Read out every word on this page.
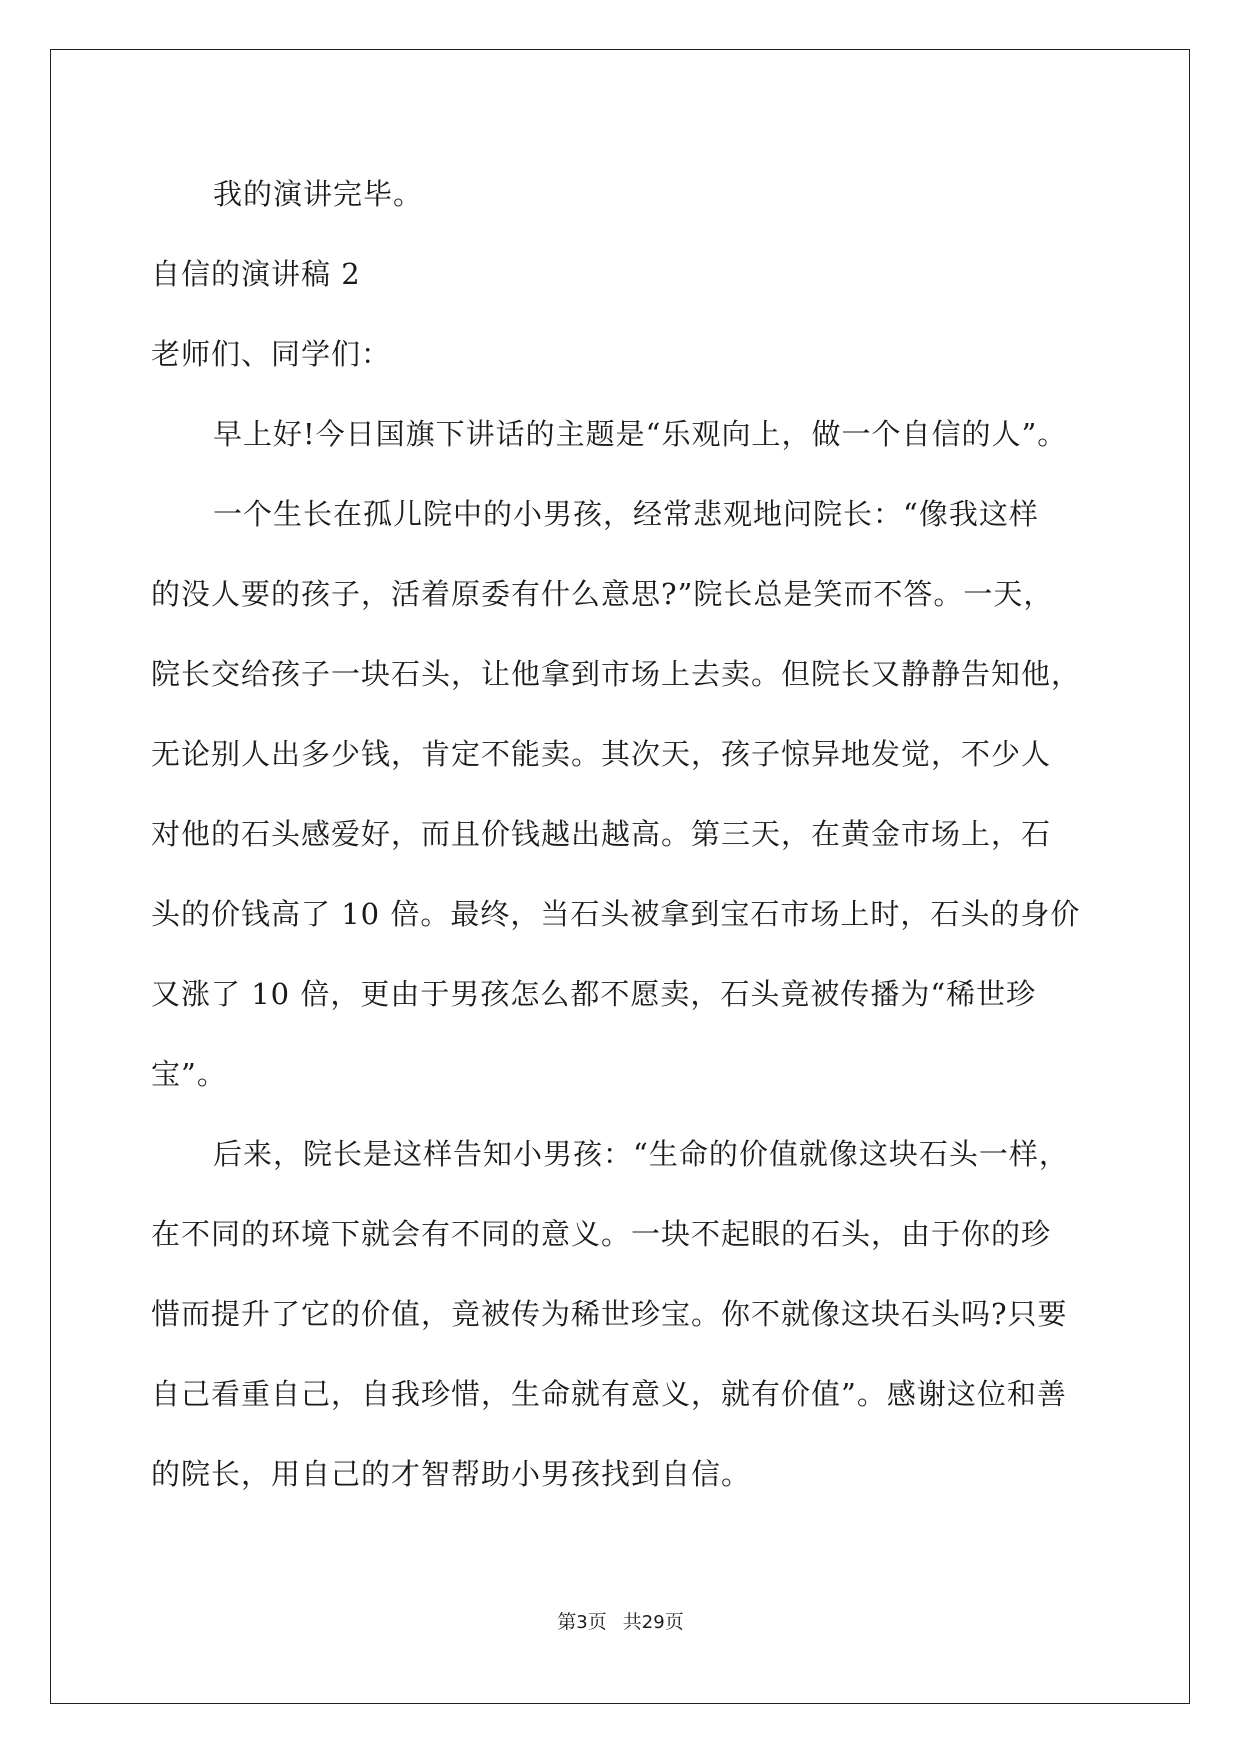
我的演讲完毕。
自信的演讲稿 2
老师们、同学们：
早上好!今日国旗下讲话的主题是“乐观向上，做一个自信的人”。
一个生长在孤儿院中的小男孩，经常悲观地问院长：“像我这样
的没人要的孩子，活着原委有什么意思?”院长总是笑而不答。一天，
院长交给孩子一块石头，让他拿到市场上去卖。但院长又静静告知他，
无论别人出多少钱，肯定不能卖。其次天，孩子惊异地发觉，不少人
对他的石头感爱好，而且价钱越出越高。第三天，在黄金市场上，石
头的价钱高了 10 倍。最终，当石头被拿到宝石市场上时，石头的身价
又涨了 10 倍，更由于男孩怎么都不愿卖，石头竟被传播为“稀世珍
宝”。
后来，院长是这样告知小男孩：“生命的价值就像这块石头一样，
在不同的环境下就会有不同的意义。一块不起眼的石头，由于你的珍
惜而提升了它的价值，竟被传为稀世珍宝。你不就像这块石头吗?只要
自己看重自己，自我珍惜，生命就有意义，就有价值”。感谢这位和善
的院长，用自己的才智帮助小男孩找到自信。
第3页 共29页
